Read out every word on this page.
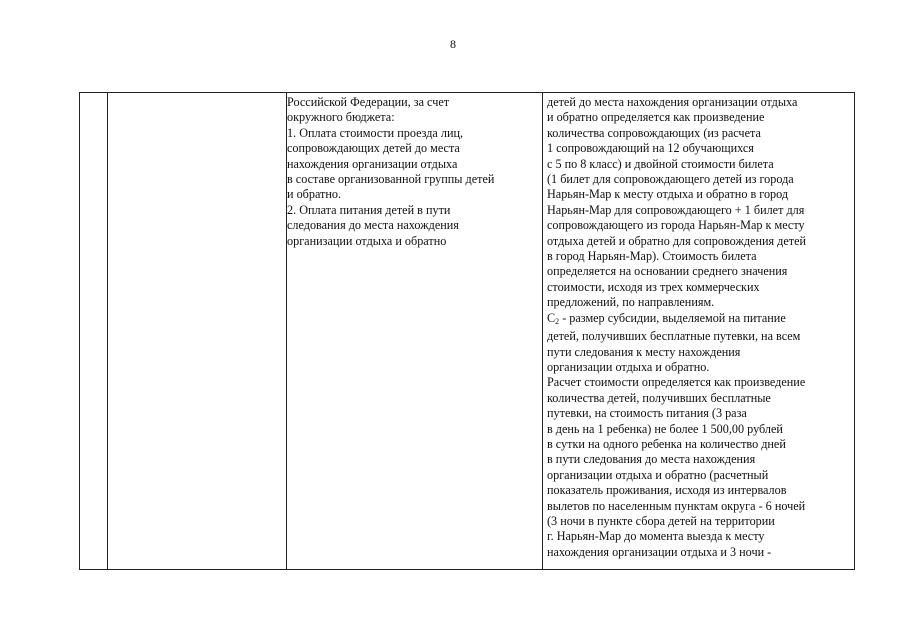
8
Российской Федерации, за счет
окружного бюджета:
1. Оплата стоимости проезда лиц,
сопровождающих детей до места
нахождения организации отдыха
в составе организованной группы детей
и обратно.
2. Оплата питания детей в пути
следования до места нахождения
организации отдыха и обратно
детей до места нахождения организации отдыха
и обратно определяется как произведение
количества сопровождающих (из расчета
1 сопровождающий на 12 обучающихся
с 5 по 8 класс) и двойной стоимости билета
(1 билет для сопровождающего детей из города
Нарьян-Мар к месту отдыха и обратно в город
Нарьян-Мар для сопровождающего + 1 билет для
сопровождающего из города Нарьян-Мар к месту
отдыха детей и обратно для сопровождения детей
в город Нарьян-Мар). Стоимость билета
определяется на основании среднего значения
стоимости, исходя из трех коммерческих
предложений, по направлениям.
$С_2$ - размер субсидии, выделяемой на питание
детей, получивших бесплатные путевки, на всем
пути следования к месту нахождения
организации отдыха и обратно.
Расчет стоимости определяется как произведение
количества детей, получивших бесплатные
путевки, на стоимость питания (3 раза
в день на 1 ребенка) не более 1 500,00 рублей
в сутки на одного ребенка на количество дней
в пути следования до места нахождения
организации отдыха и обратно (расчетный
показатель проживания, исходя из интервалов
вылетов по населенным пунктам округа - 6 ночей
(3 ночи в пункте сбора детей на территории
г. Нарьян-Мар до момента выезда к месту
нахождения организации отдыха и 3 ночи -
